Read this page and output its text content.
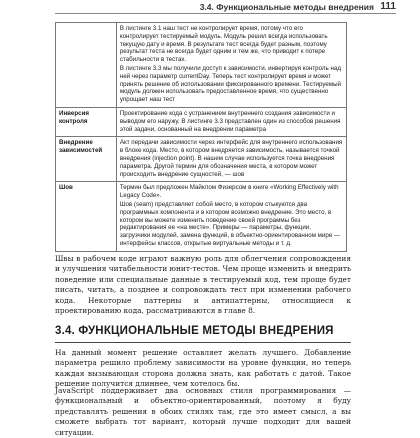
3.4. Функциональные методы внедрения 111

	В листинге 3.1 наш тест не контролирует время, потому что его контролирует тестируемый модуль. Модуль решил всегда использовать текущую дату и время. В результате тест всегда будет разным, поэтому результат теста не всегда будет одним и тем же, что приводит к потере стабильности в тестах.

В листинге 3.3 мы получили доступ к зависимости, инвертируя контроль над ней через параметр currentDay. Теперь тест контролирует время и может принять решение об использовании фиксированного времени. Тестируемый модуль должен использовать предоставленное время, что существенно упрощает наш тест

Инверсия контроля	Проектирование кода с устранением внутреннего создания зависимости и выводом его наружу. В листинге 3.3 представлен один из способов решения этой задачи, основанный на внедрении параметра

Внедрение зависимостей	Акт передачи зависимости через интерфейс для внутреннего использования в блоке кода. Место, в котором внедряется зависимость, называется точкой внедрения (injection point). В нашем случае используется точка внедрения параметра. Другой термин для обозначения места, в котором может происходить внедрение сущностей, — шов

Шов	Термин был предложен Майклом Физерсом в книге «Working Effectively with Legacy Code».

Шов (seam) представляет собой место, в котором стыкуются два программных компонента и в котором возможно внедрение. Это место, в котором вы можете изменить поведение своей программы без редактирования ее «на месте». Примеры — параметры, функции, загрузчики модулей, замена функций, в объектно-ориентированном мире — интерфейсы классов, открытые виртуальные методы и т. д.

Швы в рабочем коде играют важную роль для облегчения сопровождения и улучшения читабельности юнит-тестов. Чем проще изменить и внедрить поведение или специальные данные в тестируемый код, тем проще будет писать, читать, а позднее и сопровождать тест при изменении рабочего кода. Некоторые паттерны и антипаттерны, относящиеся к проектированию кода, рассматриваются в главе 8.
3.4. ФУНКЦИОНАЛЬНЫЕ МЕТОДЫ ВНЕДРЕНИЯ
На данный момент решение оставляет желать лучшего. Добавление параметра решило проблему зависимости на уровне функции, но теперь каждая вызывающая сторона должна знать, как работать с датой. Такое решение получится длиннее, чем хотелось бы.
JavaScript поддерживает два основных стиля программирования — функциональный и объектно-ориентированный, поэтому я буду представлять решения в обоих стилях там, где это имеет смысл, а вы сможете выбрать тот вариант, который лучше подходит для вашей ситуации.
